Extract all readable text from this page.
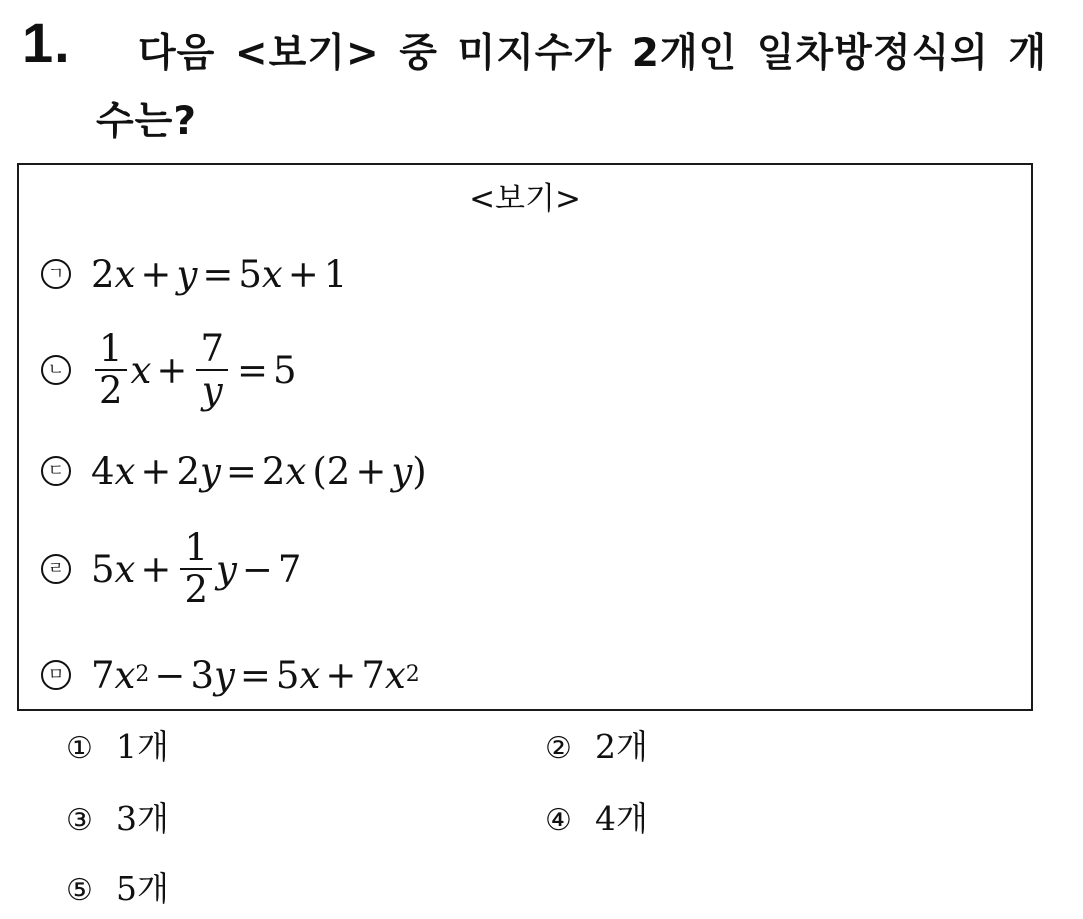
1.	다음 <보기> 중 미지수가 2개인 일차방정식의 개수는?
<보기>
ㄱ 2 x + y = 5 x + 1
ㄴ $\frac{1}{2}$ $x + \frac{7}{y} = 5$
ㄷ 4 x + 2 y = 2 x ( 2 + y )
ㄹ 5 $x + \frac{1}{2}$ y − 7
ㅁ 7 x 2 − 3 y = 5 x + 7 x 2
① 1개	② 2개
③ 3개	④ 4개
⑤ 5개
